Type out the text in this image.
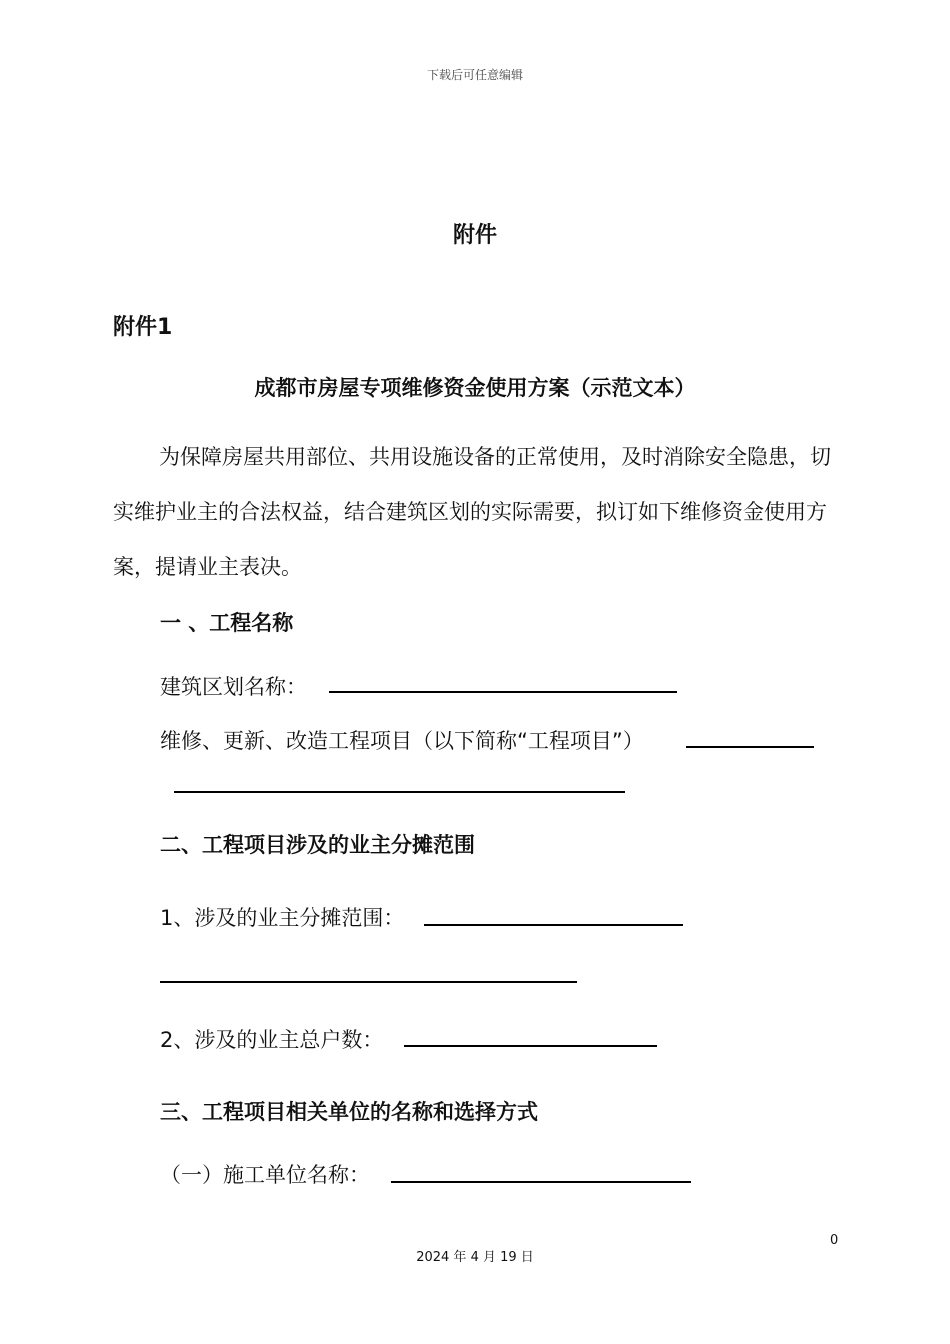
下载后可任意编辑
附件
附件1
成都市房屋专项维修资金使用方案（示范文本）
为保障房屋共用部位、共用设施设备的正常使用，及时消除安全隐患，切实维护业主的合法权益，结合建筑区划的实际需要，拟订如下维修资金使用方案，提请业主表决。
一 、工程名称
建筑区划名称：
维修、更新、改造工程项目（以下简称“工程项目”）
二、工程项目涉及的业主分摊范围
1、涉及的业主分摊范围：
2、涉及的业主总户数：
三、工程项目相关单位的名称和选择方式
（一）施工单位名称：
0
2024 年 4 月 19 日
